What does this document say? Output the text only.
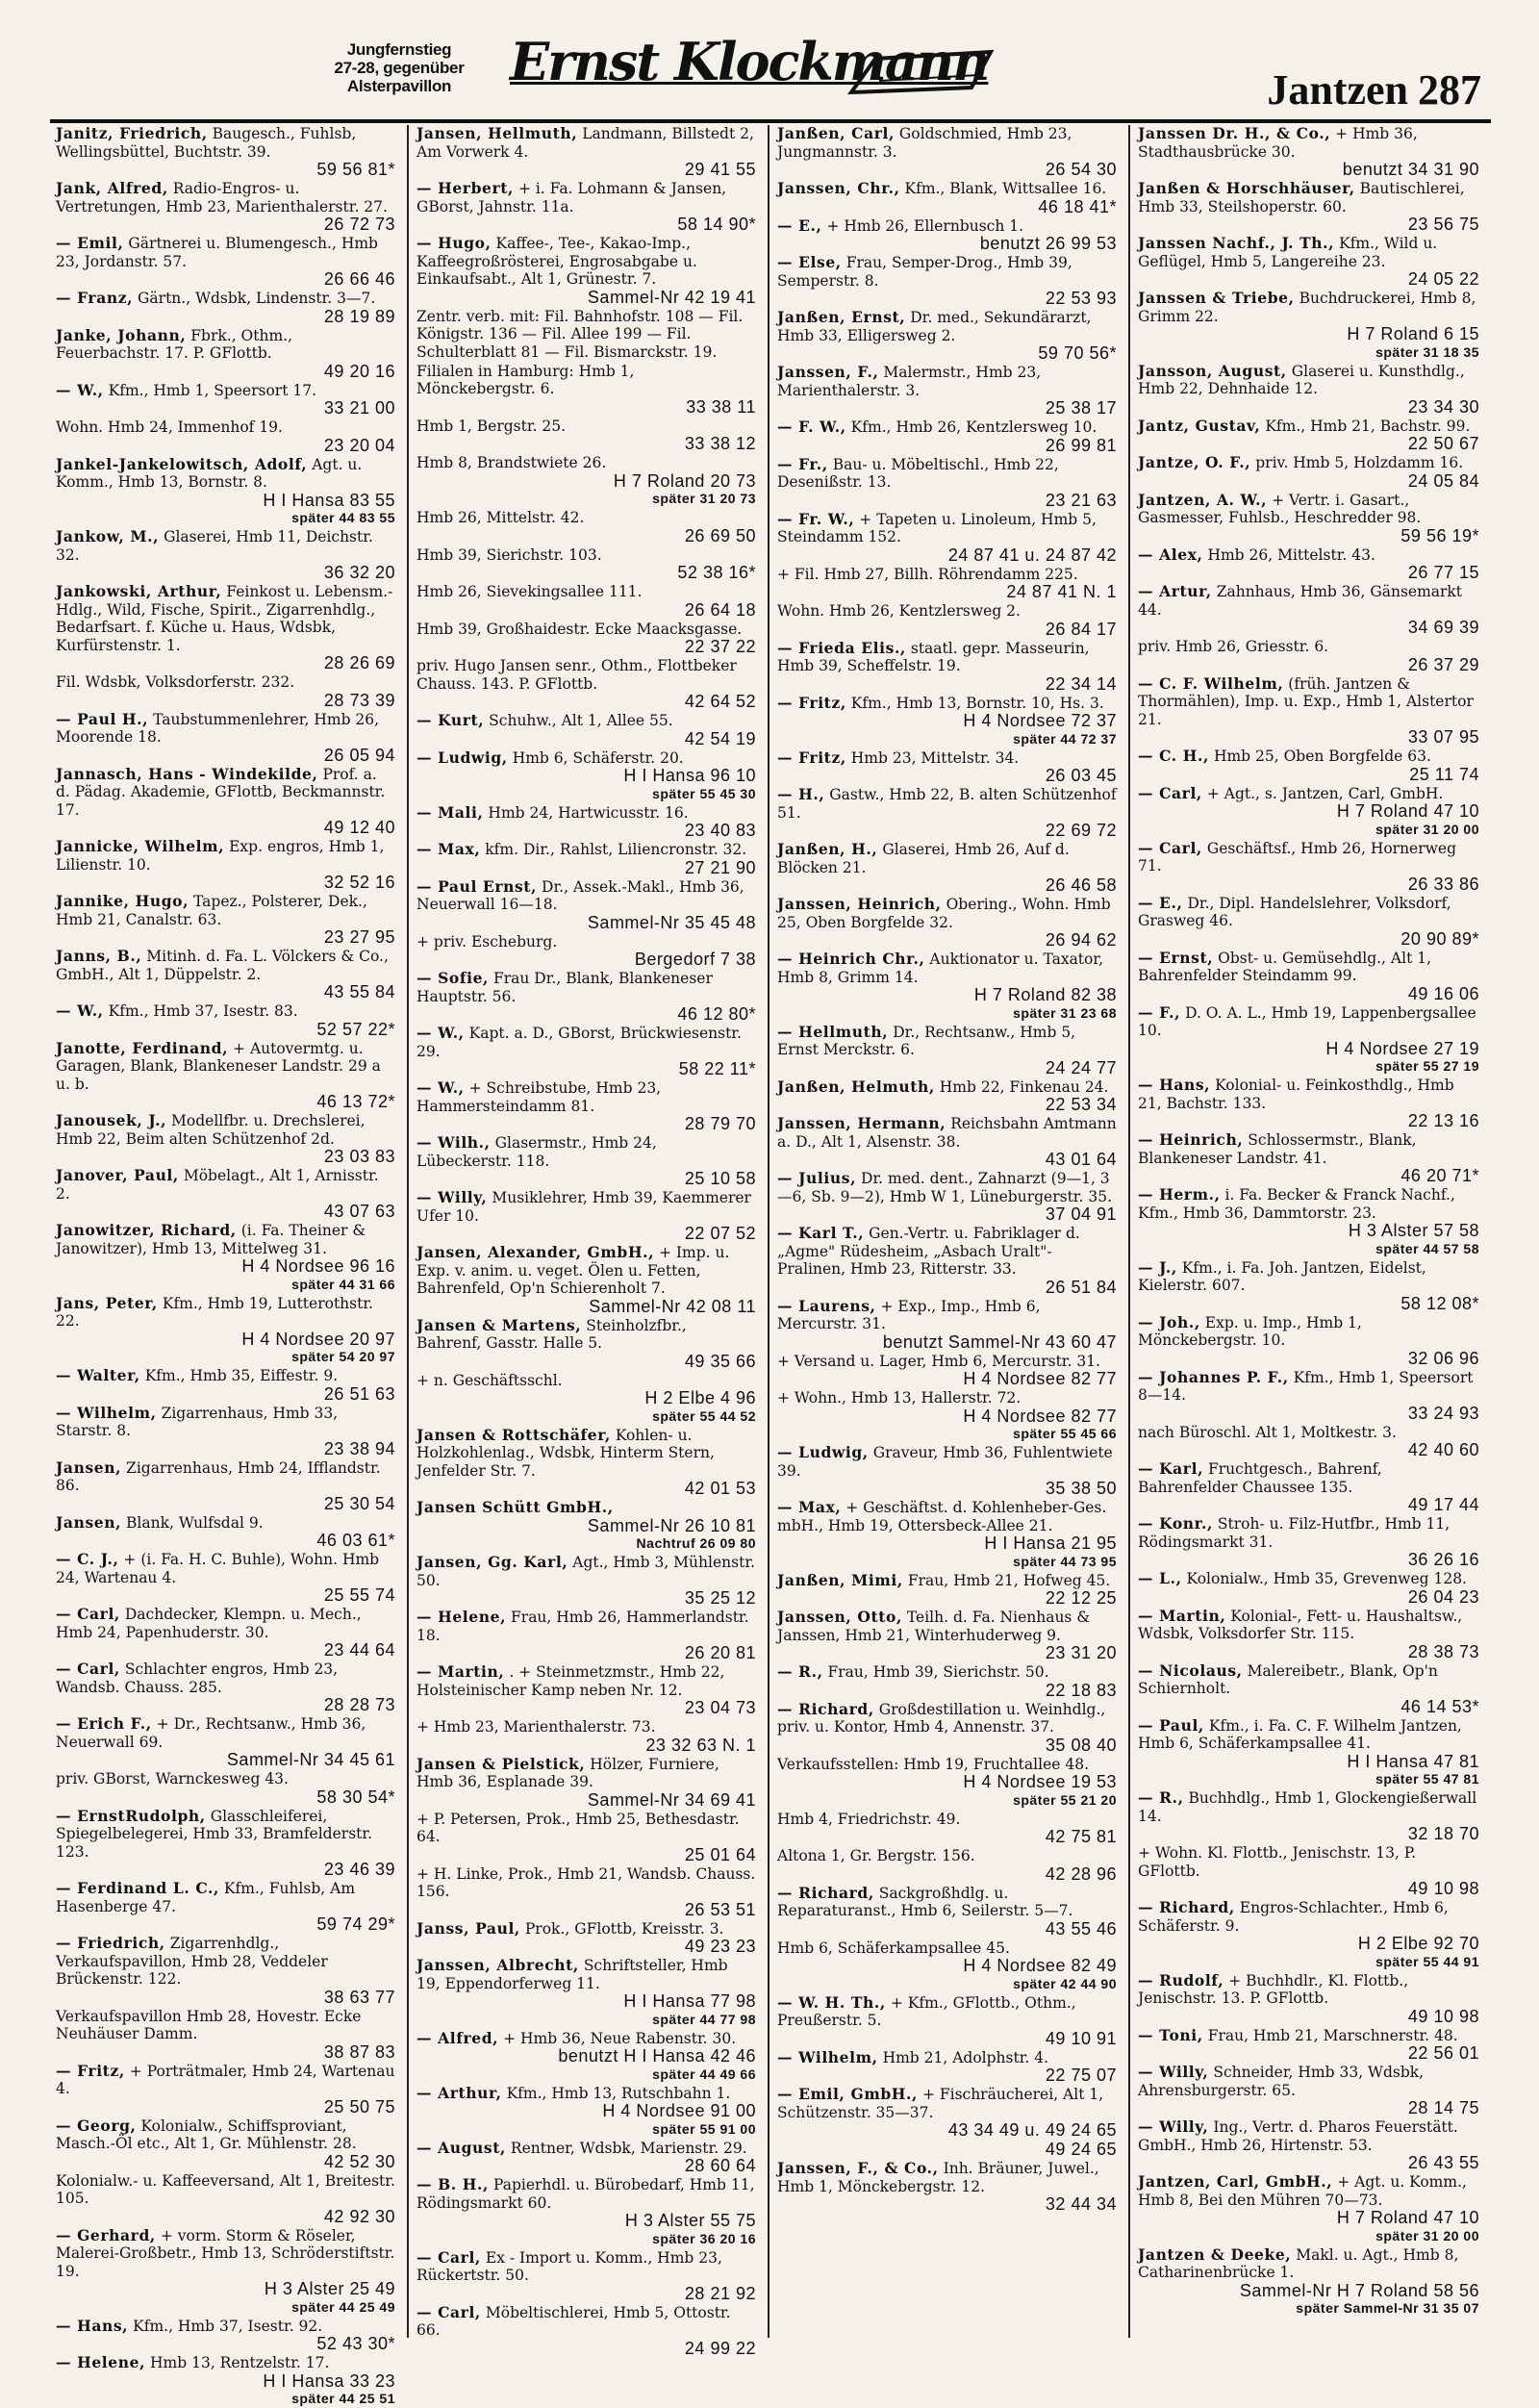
Jungfernstieg
27-28, gegenüber
Alsterpavillon	Ernst Klockmann	Jantzen 287
Janitz, Friedrich, Baugesch., Fuhlsb, Wellingsbüttel, Buchtstr. 39.
59 56 81*
Jank, Alfred, Radio-Engros- u. Vertretungen, Hmb 23, Marienthalerstr. 27.
26 72 73
— Emil, Gärtnerei u. Blumengesch., Hmb 23, Jordanstr. 57.
26 66 46
— Franz, Gärtn., Wdsbk, Lindenstr. 3—7.
28 19 89
Janke, Johann, Fbrk., Othm., Feuerbachstr. 17. P. GFlottb.
49 20 16
— W., Kfm., Hmb 1, Speersort 17.
33 21 00
Wohn. Hmb 24, Immenhof 19.
23 20 04
Jankel-Jankelowitsch, Adolf, Agt. u. Komm., Hmb 13, Bornstr. 8.
H I Hansa 83 55
später 44 83 55
Jankow, M., Glaserei, Hmb 11, Deichstr. 32.
36 32 20
Jankowski, Arthur, Feinkost u. Lebensm.-Hdlg., Wild, Fische, Spirit., Zigarrenhdlg., Bedarfsart. f. Küche u. Haus, Wdsbk, Kurfürstenstr. 1.
28 26 69
Fil. Wdsbk, Volksdorferstr. 232.
28 73 39
— Paul H., Taubstummenlehrer, Hmb 26, Moorende 18.
26 05 94
Jannasch, Hans - Windekilde, Prof. a. d. Pädag. Akademie, GFlottb, Beckmannstr. 17.
49 12 40
Jannicke, Wilhelm, Exp. engros, Hmb 1, Lilienstr. 10.
32 52 16
Jannike, Hugo, Tapez., Polsterer, Dek., Hmb 21, Canalstr. 63.
23 27 95
Janns, B., Mitinh. d. Fa. L. Völckers & Co., GmbH., Alt 1, Düppelstr. 2.
43 55 84
— W., Kfm., Hmb 37, Isestr. 83.
52 57 22*
Janotte, Ferdinand, + Autovermtg. u. Garagen, Blank, Blankeneser Landstr. 29 a u. b.
46 13 72*
Janousek, J., Modellfbr. u. Drechslerei, Hmb 22, Beim alten Schützenhof 2d.
23 03 83
Janover, Paul, Möbelagt., Alt 1, Arnisstr. 2.
43 07 63
Janowitzer, Richard, (i. Fa. Theiner & Janowitzer), Hmb 13, Mittelweg 31.
H 4 Nordsee 96 16
später 44 31 66
Jans, Peter, Kfm., Hmb 19, Lutterothstr. 22.
H 4 Nordsee 20 97
später 54 20 97
— Walter, Kfm., Hmb 35, Eiffestr. 9.
26 51 63
— Wilhelm, Zigarrenhaus, Hmb 33, Starstr. 8.
23 38 94
Jansen, Zigarrenhaus, Hmb 24, Ifflandstr. 86.
25 30 54
Jansen, Blank, Wulfsdal 9.
46 03 61*
— C. J., + (i. Fa. H. C. Buhle), Wohn. Hmb 24, Wartenau 4.
25 55 74
— Carl, Dachdecker, Klempn. u. Mech., Hmb 24, Papenhuderstr. 30.
23 44 64
— Carl, Schlachter engros, Hmb 23, Wandsb. Chauss. 285.
28 28 73
— Erich F., + Dr., Rechtsanw., Hmb 36, Neuerwall 69.
Sammel-Nr 34 45 61
priv. GBorst, Warnckesweg 43.
58 30 54*
— ErnstRudolph, Glasschleiferei, Spiegelbelegerei, Hmb 33, Bramfelderstr. 123.
23 46 39
— Ferdinand L. C., Kfm., Fuhlsb, Am Hasenberge 47.
59 74 29*
— Friedrich, Zigarrenhdlg., Verkaufspavillon, Hmb 28, Veddeler Brückenstr. 122.
38 63 77
Verkaufspavillon Hmb 28, Hovestr. Ecke Neuhäuser Damm.
38 87 83
— Fritz, + Porträtmaler, Hmb 24, Wartenau 4.
25 50 75
— Georg, Kolonialw., Schiffsproviant, Masch.-Öl etc., Alt 1, Gr. Mühlenstr. 28.
42 52 30
Kolonialw.- u. Kaffeeversand, Alt 1, Breitestr. 105.
42 92 30
— Gerhard, + vorm. Storm & Röseler, Malerei-Großbetr., Hmb 13, Schröderstiftstr. 19.
H 3 Alster 25 49
später 44 25 49
— Hans, Kfm., Hmb 37, Isestr. 92.
52 43 30*
— Helene, Hmb 13, Rentzelstr. 17.
H I Hansa 33 23
später 44 25 51
Jansen, Hellmuth, Landmann, Billstedt 2, Am Vorwerk 4.
29 41 55
— Herbert, + i. Fa. Lohmann & Jansen, GBorst, Jahnstr. 11a.
58 14 90*
— Hugo, Kaffee-, Tee-, Kakao-Imp., Kaffeegroßrösterei, Engrosabgabe u. Einkaufsabt., Alt 1, Grünestr. 7.
Sammel-Nr 42 19 41
Zentr. verb. mit: Fil. Bahnhofstr. 108 — Fil. Königstr. 136 — Fil. Allee 199 — Fil. Schulterblatt 81 — Fil. Bismarckstr. 19.
Filialen in Hamburg: Hmb 1, Mönckebergstr. 6.
33 38 11
Hmb 1, Bergstr. 25.
33 38 12
Hmb 8, Brandstwiete 26.
H 7 Roland 20 73
später 31 20 73
Hmb 26, Mittelstr. 42.
26 69 50
Hmb 39, Sierichstr. 103.
52 38 16*
Hmb 26, Sievekingsallee 111.
26 64 18
Hmb 39, Großhaidestr. Ecke Maacksgasse.
22 37 22
priv. Hugo Jansen senr., Othm., Flottbeker Chauss. 143. P. GFlottb.
42 64 52
— Kurt, Schuhw., Alt 1, Allee 55.
42 54 19
— Ludwig, Hmb 6, Schäferstr. 20.
H I Hansa 96 10
später 55 45 30
— Mali, Hmb 24, Hartwicusstr. 16.
23 40 83
— Max, kfm. Dir., Rahlst, Liliencronstr. 32.
27 21 90
— Paul Ernst, Dr., Assek.-Makl., Hmb 36, Neuerwall 16—18.
Sammel-Nr 35 45 48
+ priv. Escheburg.
Bergedorf 7 38
— Sofie, Frau Dr., Blank, Blankeneser Hauptstr. 56.
46 12 80*
— W., Kapt. a. D., GBorst, Brückwiesenstr. 29.
58 22 11*
— W., + Schreibstube, Hmb 23, Hammersteindamm 81.
28 79 70
— Wilh., Glasermstr., Hmb 24, Lübeckerstr. 118.
25 10 58
— Willy, Musiklehrer, Hmb 39, Kaemmerer Ufer 10.
22 07 52
Jansen, Alexander, GmbH., + Imp. u. Exp. v. anim. u. veget. Ölen u. Fetten, Bahrenfeld, Op'n Schierenholt 7.
Sammel-Nr 42 08 11
Jansen & Martens, Steinholzfbr., Bahrenf, Gasstr. Halle 5.
49 35 66
+ n. Geschäftsschl.
H 2 Elbe 4 96
später 55 44 52
Jansen & Rottschäfer, Kohlen- u. Holzkohlenlag., Wdsbk, Hinterm Stern, Jenfelder Str. 7.
42 01 53
Jansen Schütt GmbH.,
Sammel-Nr 26 10 81
Nachtruf 26 09 80
Jansen, Gg. Karl, Agt., Hmb 3, Mühlenstr. 50.
35 25 12
— Helene, Frau, Hmb 26, Hammerlandstr. 18.
26 20 81
— Martin, . + Steinmetzmstr., Hmb 22, Holsteinischer Kamp neben Nr. 12.
23 04 73
+ Hmb 23, Marienthalerstr. 73.
23 32 63 N. 1
Jansen & Pielstick, Hölzer, Furniere, Hmb 36, Esplanade 39.
Sammel-Nr 34 69 41
+ P. Petersen, Prok., Hmb 25, Bethesdastr. 64.
25 01 64
+ H. Linke, Prok., Hmb 21, Wandsb. Chauss. 156.
26 53 51
Janss, Paul, Prok., GFlottb, Kreisstr. 3.
49 23 23
Janssen, Albrecht, Schriftsteller, Hmb 19, Eppendorferweg 11.
H I Hansa 77 98
später 44 77 98
— Alfred, + Hmb 36, Neue Rabenstr. 30.
benutzt H I Hansa 42 46
später 44 49 66
— Arthur, Kfm., Hmb 13, Rutschbahn 1.
H 4 Nordsee 91 00
später 55 91 00
— August, Rentner, Wdsbk, Marienstr. 29.
28 60 64
— B. H., Papierhdl. u. Bürobedarf, Hmb 11, Rödingsmarkt 60.
H 3 Alster 55 75
später 36 20 16
— Carl, Ex - Import u. Komm., Hmb 23, Rückertstr. 50.
28 21 92
— Carl, Möbeltischlerei, Hmb 5, Ottostr. 66.
24 99 22
Janßen, Carl, Goldschmied, Hmb 23, Jungmannstr. 3.
26 54 30
Janssen, Chr., Kfm., Blank, Wittsallee 16.
46 18 41*
— E., + Hmb 26, Ellernbusch 1.
benutzt 26 99 53
— Else, Frau, Semper-Drog., Hmb 39, Semperstr. 8.
22 53 93
Janßen, Ernst, Dr. med., Sekundärarzt, Hmb 33, Elligersweg 2.
59 70 56*
Janssen, F., Malermstr., Hmb 23, Marienthalerstr. 3.
25 38 17
— F. W., Kfm., Hmb 26, Kentzlersweg 10.
26 99 81
— Fr., Bau- u. Möbeltischl., Hmb 22, Desenißstr. 13.
23 21 63
— Fr. W., + Tapeten u. Linoleum, Hmb 5, Steindamm 152.
24 87 41 u. 24 87 42
+ Fil. Hmb 27, Billh. Röhrendamm 225.
24 87 41 N. 1
Wohn. Hmb 26, Kentzlersweg 2.
26 84 17
— Frieda Elis., staatl. gepr. Masseurin, Hmb 39, Scheffelstr. 19.
22 34 14
— Fritz, Kfm., Hmb 13, Bornstr. 10, Hs. 3.
H 4 Nordsee 72 37
später 44 72 37
— Fritz, Hmb 23, Mittelstr. 34.
26 03 45
— H., Gastw., Hmb 22, B. alten Schützenhof 51.
22 69 72
Janßen, H., Glaserei, Hmb 26, Auf d. Blöcken 21.
26 46 58
Janssen, Heinrich, Obering., Wohn. Hmb 25, Oben Borgfelde 32.
26 94 62
— Heinrich Chr., Auktionator u. Taxator, Hmb 8, Grimm 14.
H 7 Roland 82 38
später 31 23 68
— Hellmuth, Dr., Rechtsanw., Hmb 5, Ernst Merckstr. 6.
24 24 77
Janßen, Helmuth, Hmb 22, Finkenau 24.
22 53 34
Janssen, Hermann, Reichsbahn Amtmann a. D., Alt 1, Alsenstr. 38.
43 01 64
— Julius, Dr. med. dent., Zahnarzt (9—1, 3—6, Sb. 9—2), Hmb W 1, Lüneburgerstr. 35.
37 04 91
— Karl T., Gen.-Vertr. u. Fabriklager d. „Agme" Rüdesheim, „Asbach Uralt"-Pralinen, Hmb 23, Ritterstr. 33.
26 51 84
— Laurens, + Exp., Imp., Hmb 6, Mercurstr. 31.
benutzt Sammel-Nr 43 60 47
+ Versand u. Lager, Hmb 6, Mercurstr. 31.
H 4 Nordsee 82 77
+ Wohn., Hmb 13, Hallerstr. 72.
H 4 Nordsee 82 77
später 55 45 66
— Ludwig, Graveur, Hmb 36, Fuhlentwiete 39.
35 38 50
— Max, + Geschäftst. d. Kohlenheber-Ges. mbH., Hmb 19, Ottersbeck-Allee 21.
H I Hansa 21 95
später 44 73 95
Janßen, Mimi, Frau, Hmb 21, Hofweg 45.
22 12 25
Janssen, Otto, Teilh. d. Fa. Nienhaus & Janssen, Hmb 21, Winterhuderweg 9.
23 31 20
— R., Frau, Hmb 39, Sierichstr. 50.
22 18 83
— Richard, Großdestillation u. Weinhdlg., priv. u. Kontor, Hmb 4, Annenstr. 37.
35 08 40
Verkaufsstellen: Hmb 19, Fruchtallee 48.
H 4 Nordsee 19 53
später 55 21 20
Hmb 4, Friedrichstr. 49.
42 75 81
Altona 1, Gr. Bergstr. 156.
42 28 96
— Richard, Sackgroßhdlg. u. Reparaturanst., Hmb 6, Seilerstr. 5—7.
43 55 46
Hmb 6, Schäferkampsallee 45.
H 4 Nordsee 82 49
später 42 44 90
— W. H. Th., + Kfm., GFlottb., Othm., Preußerstr. 5.
49 10 91
— Wilhelm, Hmb 21, Adolphstr. 4.
22 75 07
— Emil, GmbH., + Fischräucherei, Alt 1, Schützenstr. 35—37.
43 34 49 u. 49 24 65
49 24 65
Janssen, F., & Co., Inh. Bräuner, Juwel., Hmb 1, Mönckebergstr. 12.
32 44 34
Janssen Dr. H., & Co., + Hmb 36, Stadthausbrücke 30.
benutzt 34 31 90
Janßen & Horschhäuser, Bautischlerei, Hmb 33, Steilshoperstr. 60.
23 56 75
Janssen Nachf., J. Th., Kfm., Wild u. Geflügel, Hmb 5, Langereihe 23.
24 05 22
Janssen & Triebe, Buchdruckerei, Hmb 8, Grimm 22.
H 7 Roland 6 15
später 31 18 35
Jansson, August, Glaserei u. Kunsthdlg., Hmb 22, Dehnhaide 12.
23 34 30
Jantz, Gustav, Kfm., Hmb 21, Bachstr. 99.
22 50 67
Jantze, O. F., priv. Hmb 5, Holzdamm 16.
24 05 84
Jantzen, A. W., + Vertr. i. Gasart., Gasmesser, Fuhlsb., Heschredder 98.
59 56 19*
— Alex, Hmb 26, Mittelstr. 43.
26 77 15
— Artur, Zahnhaus, Hmb 36, Gänsemarkt 44.
34 69 39
priv. Hmb 26, Griesstr. 6.
26 37 29
— C. F. Wilhelm, (früh. Jantzen & Thormählen), Imp. u. Exp., Hmb 1, Alstertor 21.
33 07 95
— C. H., Hmb 25, Oben Borgfelde 63.
25 11 74
— Carl, + Agt., s. Jantzen, Carl, GmbH.
H 7 Roland 47 10
später 31 20 00
— Carl, Geschäftsf., Hmb 26, Hornerweg 71.
26 33 86
— E., Dr., Dipl. Handelslehrer, Volksdorf, Grasweg 46.
20 90 89*
— Ernst, Obst- u. Gemüsehdlg., Alt 1, Bahrenfelder Steindamm 99.
49 16 06
— F., D. O. A. L., Hmb 19, Lappenbergsallee 10.
H 4 Nordsee 27 19
später 55 27 19
— Hans, Kolonial- u. Feinkosthdlg., Hmb 21, Bachstr. 133.
22 13 16
— Heinrich, Schlossermstr., Blank, Blankeneser Landstr. 41.
46 20 71*
— Herm., i. Fa. Becker & Franck Nachf., Kfm., Hmb 36, Dammtorstr. 23.
H 3 Alster 57 58
später 44 57 58
— J., Kfm., i. Fa. Joh. Jantzen, Eidelst, Kielerstr. 607.
58 12 08*
— Joh., Exp. u. Imp., Hmb 1, Mönckebergstr. 10.
32 06 96
— Johannes P. F., Kfm., Hmb 1, Speersort 8—14.
33 24 93
nach Büroschl. Alt 1, Moltkestr. 3.
42 40 60
— Karl, Fruchtgesch., Bahrenf, Bahrenfelder Chaussee 135.
49 17 44
— Konr., Stroh- u. Filz-Hutfbr., Hmb 11, Rödingsmarkt 31.
36 26 16
— L., Kolonialw., Hmb 35, Grevenweg 128.
26 04 23
— Martin, Kolonial-, Fett- u. Haushaltsw., Wdsbk, Volksdorfer Str. 115.
28 38 73
— Nicolaus, Malereibetr., Blank, Op'n Schiernholt.
46 14 53*
— Paul, Kfm., i. Fa. C. F. Wilhelm Jantzen, Hmb 6, Schäferkampsallee 41.
H I Hansa 47 81
später 55 47 81
— R., Buchhdlg., Hmb 1, Glockengießerwall 14.
32 18 70
+ Wohn. Kl. Flottb., Jenischstr. 13, P. GFlottb.
49 10 98
— Richard, Engros-Schlachter., Hmb 6, Schäferstr. 9.
H 2 Elbe 92 70
später 55 44 91
— Rudolf, + Buchhdlr., Kl. Flottb., Jenischstr. 13. P. GFlottb.
49 10 98
— Toni, Frau, Hmb 21, Marschnerstr. 48.
22 56 01
— Willy, Schneider, Hmb 33, Wdsbk, Ahrensburgerstr. 65.
28 14 75
— Willy, Ing., Vertr. d. Pharos Feuerstätt. GmbH., Hmb 26, Hirtenstr. 53.
26 43 55
Jantzen, Carl, GmbH., + Agt. u. Komm., Hmb 8, Bei den Mühren 70—73.
H 7 Roland 47 10
später 31 20 00
Jantzen & Deeke, Makl. u. Agt., Hmb 8, Catharinenbrücke 1.
Sammel-Nr H 7 Roland 58 56
später Sammel-Nr 31 35 07
